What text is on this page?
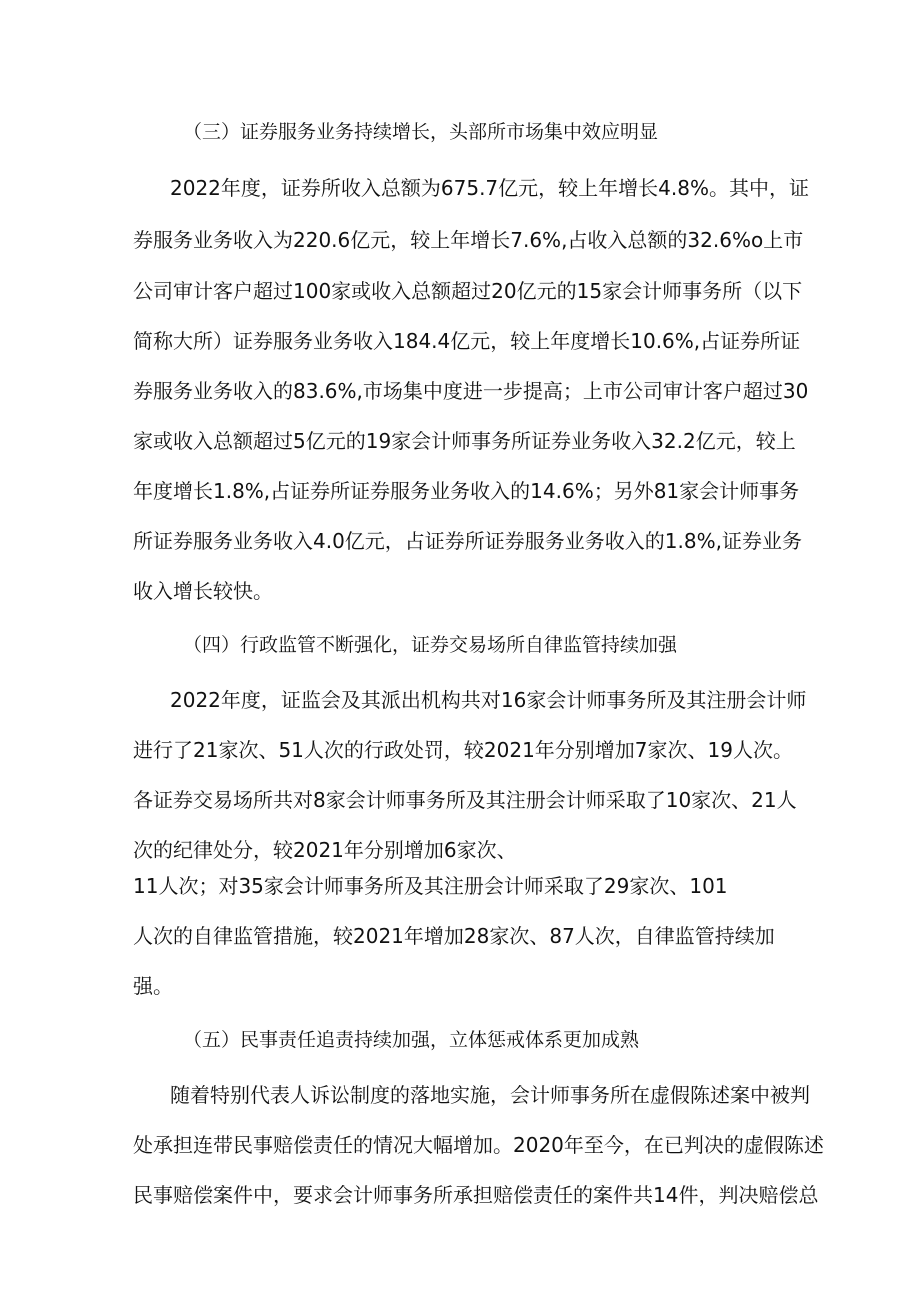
（三）证券服务业务持续增长，头部所市场集中效应明显

2022年度，证券所收入总额为675.7亿元，较上年增长4.8%。其中，证

券服务业务收入为220.6亿元，较上年增长7.6%,占收入总额的32.6%o上市

公司审计客户超过100家或收入总额超过20亿元的15家会计师事务所（以下

简称大所）证券服务业务收入184.4亿元，较上年度增长10.6%,占证券所证

券服务业务收入的83.6%,市场集中度进一步提高；上市公司审计客户超过30

家或收入总额超过5亿元的19家会计师事务所证券业务收入32.2亿元，较上

年度增长1.8%,占证券所证券服务业务收入的14.6%；另外81家会计师事务

所证券服务业务收入4.0亿元，占证券所证券服务业务收入的1.8%,证券业务

收入增长较快。

（四）行政监管不断强化，证券交易场所自律监管持续加强

2022年度，证监会及其派出机构共对16家会计师事务所及其注册会计师

进行了21家次、51人次的行政处罚，较2021年分别增加7家次、19人次。

各证券交易场所共对8家会计师事务所及其注册会计师采取了10家次、21人

次的纪律处分，较2021年分别增加6家次、

11人次；对35家会计师事务所及其注册会计师采取了29家次、101

人次的自律监管措施，较2021年增加28家次、87人次，自律监管持续加

强。

（五）民事责任追责持续加强，立体惩戒体系更加成熟

随着特别代表人诉讼制度的落地实施，会计师事务所在虚假陈述案中被判

处承担连带民事赔偿责任的情况大幅增加。2020年至今，在已判决的虚假陈述

民事赔偿案件中，要求会计师事务所承担赔偿责任的案件共14件，判决赔偿总
